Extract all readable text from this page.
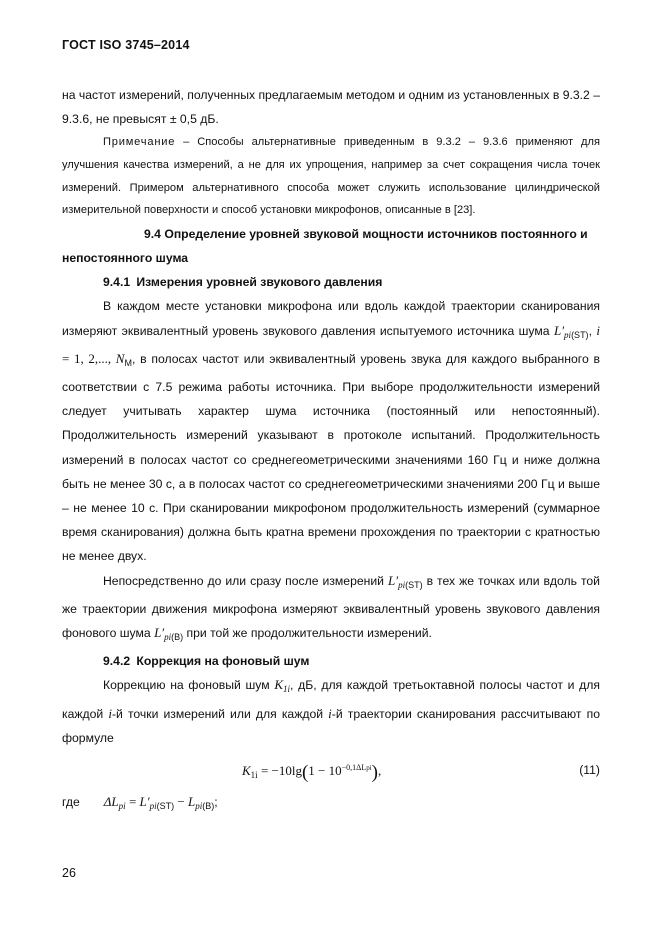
ГОСТ ISO 3745–2014

на частот измерений, полученных предлагаемым методом и одним из установленных в 9.3.2 – 9.3.6, не превысят ± 0,5 дБ.

Примечание – Способы альтернативные приведенным в 9.3.2 – 9.3.6 применяют для улучшения качества измерений, а не для их упрощения, например за счет сокращения числа точек измерений. Примером альтернативного способа может служить использование цилиндрической измерительной поверхности и способ установки микрофонов, описанные в [23].

9.4 Определение уровней звуковой мощности источников постоянного и непостоянного шума

9.4.1 Измерения уровней звукового давления

В каждом месте установки микрофона или вдоль каждой траектории сканирования измеряют эквивалентный уровень звукового давления испытуемого источника шума $L'_{pi(ST)}$, i = 1, 2,..., $N_M$, в полосах частот или эквивалентный уровень звука для каждого выбранного в соответствии с 7.5 режима работы источника. При выборе продолжительности измерений следует учитывать характер шума источника (постоянный или непостоянный). Продолжительность измерений указывают в протоколе испытаний. Продолжительность измерений в полосах частот со среднегеометрическими значениями 160 Гц и ниже должна быть не менее 30 с, а в полосах частот со среднегеометрическими значениями 200 Гц и выше – не менее 10 с. При сканировании микрофоном продолжительность измерений (суммарное время сканирования) должна быть кратна времени прохождения по траектории с кратностью не менее двух.

Непосредственно до или сразу после измерений $L'_{pi(ST)}$ в тех же точках или вдоль той же траектории движения микрофона измеряют эквивалентный уровень звукового давления фонового шума $L'_{pi(B)}$ при той же продолжительности измерений.

9.4.2 Коррекция на фоновый шум

Коррекцию на фоновый шум $K_{1i}$, дБ, для каждой третьоктавной полосы частот и для каждой i-й точки измерений или для каждой i-й траектории сканирования рассчитывают по формуле

$K_{1i} = -10\lg(1 - 10^{-0,1\Delta Lpi})$,	(11)

где $\Delta L_{pi} = L'_{pi(ST)} - L_{pi(B)}$;

26
